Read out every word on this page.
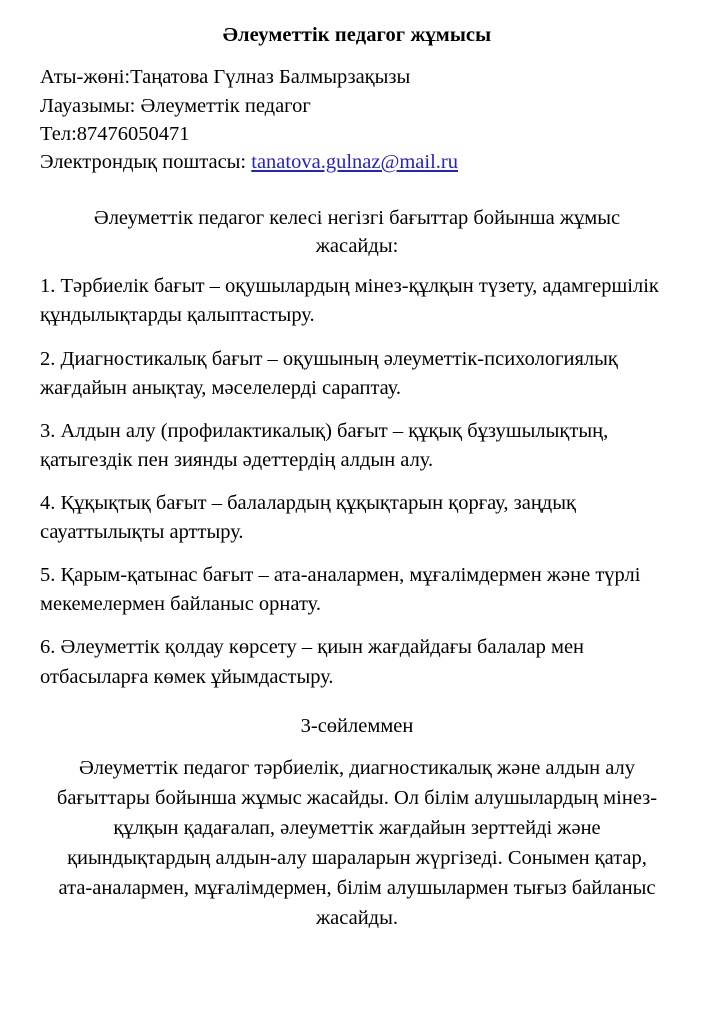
Әлеуметтік педагог жұмысы

Аты-жөні:Таңатова Гүлназ Балмырзақызы

Лауазымы: Әлеуметтік педагог

Тел:87476050471

Электрондық поштасы: tanatova.gulnaz@mail.ru

Әлеуметтік педагог келесі негізгі бағыттар бойынша жұмыс жасайды:

1. Тәрбиелік бағыт – оқушылардың мінез-құлқын түзету, адамгершілік құндылықтарды қалыптастыру.

2. Диагностикалық бағыт – оқушының әлеуметтік-психологиялық жағдайын анықтау, мәселелерді сараптау.

3. Алдын алу (профилактикалық) бағыт – құқық бұзушылықтың, қатыгездік пен зиянды әдеттердің алдын алу.

4. Құқықтық бағыт – балалардың құқықтарын қорғау, заңдық сауаттылықты арттыру.

5. Қарым-қатынас бағыт – ата-аналармен, мұғалімдермен және түрлі мекемелермен байланыс орнату.

6. Әлеуметтік қолдау көрсету – қиын жағдайдағы балалар мен отбасыларға көмек ұйымдастыру.

3-сөйлеммен

Әлеуметтік педагог тәрбиелік, диагностикалық және алдын алу бағыттары бойынша жұмыс жасайды. Ол білім алушылардың мінез-құлқын қадағалап, әлеуметтік жағдайын зерттейді және қиындықтардың алдын-алу шараларын жүргізеді. Сонымен қатар, ата-аналармен, мұғалімдермен, білім алушылармен тығыз байланыс жасайды.
